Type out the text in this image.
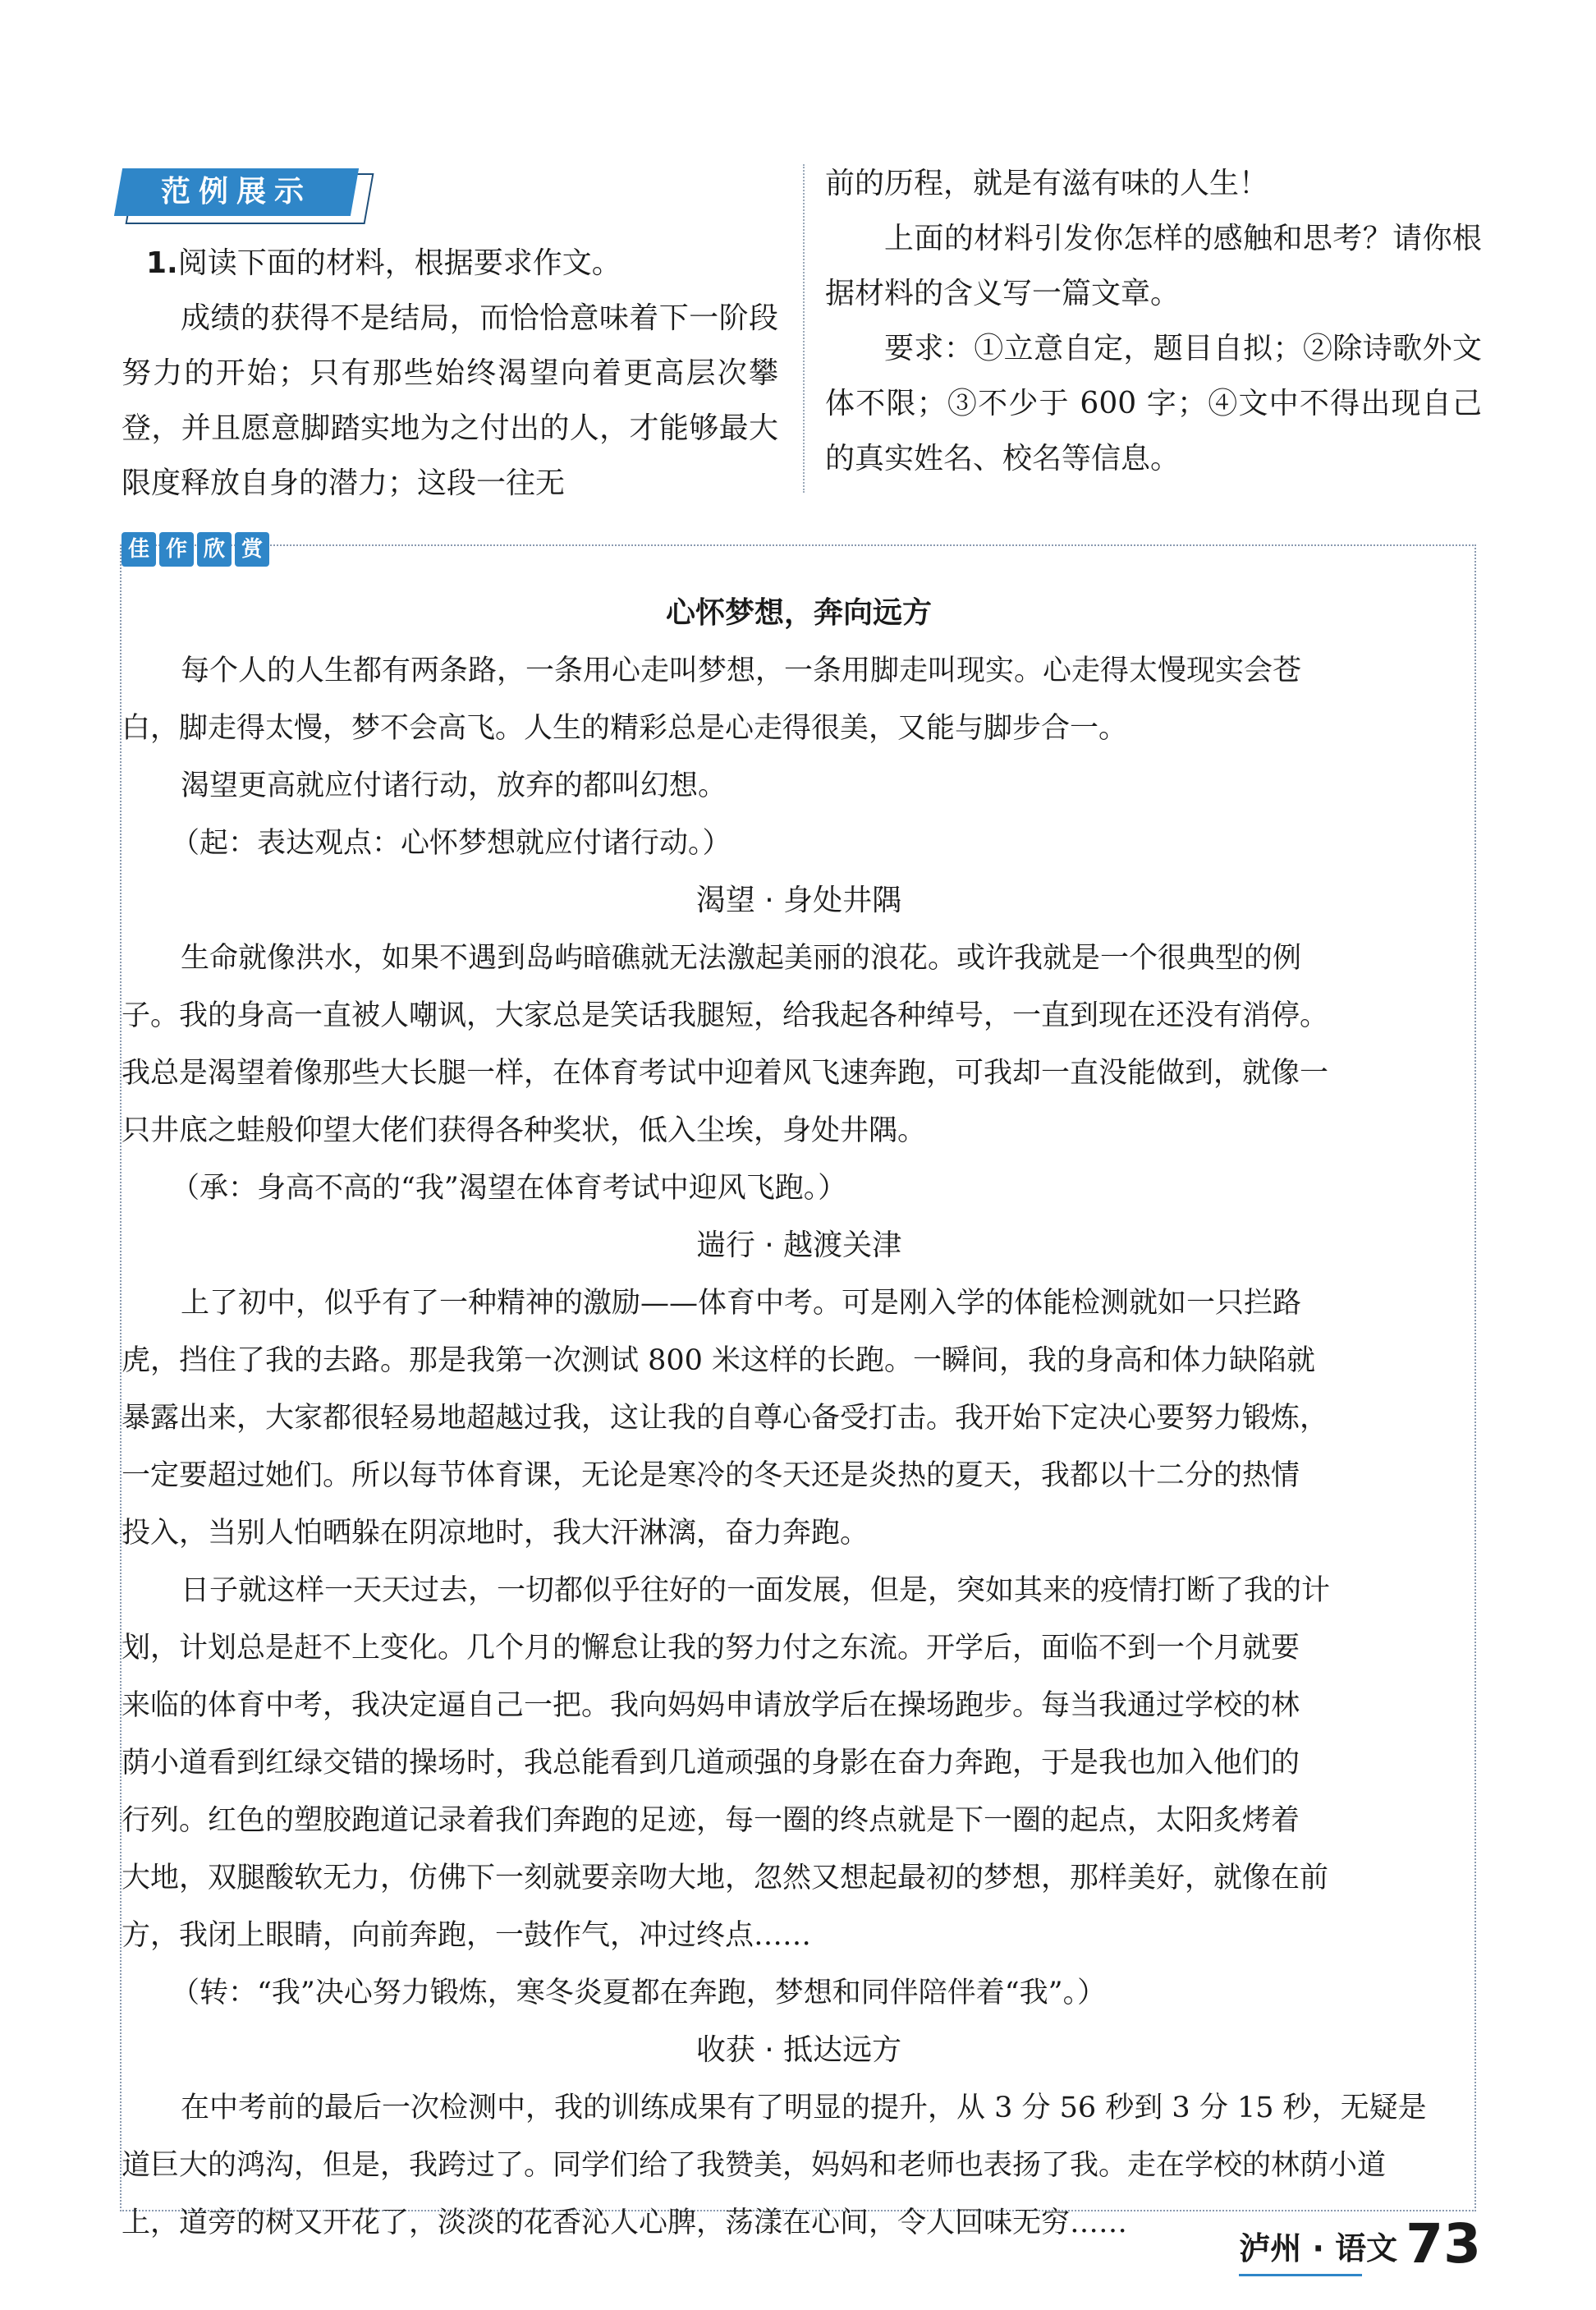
范例展示

1.阅读下面的材料，根据要求作文。

成绩的获得不是结局，而恰恰意味着下一阶段努力的开始；只有那些始终渴望向着更高层次攀登，并且愿意脚踏实地为之付出的人，才能够最大限度释放自身的潜力；这段一往无

前的历程，就是有滋有味的人生！

上面的材料引发你怎样的感触和思考？请你根据材料的含义写一篇文章。

要求：①立意自定，题目自拟；②除诗歌外文体不限；③不少于 600 字；④文中不得出现自己的真实姓名、校名等信息。

佳 作 欣 赏

心怀梦想，奔向远方

每个人的人生都有两条路，一条用心走叫梦想，一条用脚走叫现实。心走得太慢现实会苍

白，脚走得太慢，梦不会高飞。人生的精彩总是心走得很美，又能与脚步合一。

渴望更高就应付诸行动，放弃的都叫幻想。

（起：表达观点：心怀梦想就应付诸行动。）

渴望 · 身处井隅

生命就像洪水，如果不遇到岛屿暗礁就无法激起美丽的浪花。或许我就是一个很典型的例

子。我的身高一直被人嘲讽，大家总是笑话我腿短，给我起各种绰号，一直到现在还没有消停。

我总是渴望着像那些大长腿一样，在体育考试中迎着风飞速奔跑，可我却一直没能做到，就像一

只井底之蛙般仰望大佬们获得各种奖状，低入尘埃，身处井隅。

（承：身高不高的“我”渴望在体育考试中迎风飞跑。）

遄行 · 越渡关津

上了初中，似乎有了一种精神的激励——体育中考。可是刚入学的体能检测就如一只拦路

虎，挡住了我的去路。那是我第一次测试 800 米这样的长跑。一瞬间，我的身高和体力缺陷就

暴露出来，大家都很轻易地超越过我，这让我的自尊心备受打击。我开始下定决心要努力锻炼，

一定要超过她们。所以每节体育课，无论是寒冷的冬天还是炎热的夏天，我都以十二分的热情

投入，当别人怕晒躲在阴凉地时，我大汗淋漓，奋力奔跑。

日子就这样一天天过去，一切都似乎往好的一面发展，但是，突如其来的疫情打断了我的计

划，计划总是赶不上变化。几个月的懈怠让我的努力付之东流。开学后，面临不到一个月就要

来临的体育中考，我决定逼自己一把。我向妈妈申请放学后在操场跑步。每当我通过学校的林

荫小道看到红绿交错的操场时，我总能看到几道顽强的身影在奋力奔跑，于是我也加入他们的

行列。红色的塑胶跑道记录着我们奔跑的足迹，每一圈的终点就是下一圈的起点，太阳炙烤着

大地，双腿酸软无力，仿佛下一刻就要亲吻大地，忽然又想起最初的梦想，那样美好，就像在前

方，我闭上眼睛，向前奔跑，一鼓作气，冲过终点……

（转：“我”决心努力锻炼，寒冬炎夏都在奔跑，梦想和同伴陪伴着“我”。）

收获 · 抵达远方

在中考前的最后一次检测中，我的训练成果有了明显的提升，从 3 分 56 秒到 3 分 15 秒，无疑是

道巨大的鸿沟，但是，我跨过了。同学们给了我赞美，妈妈和老师也表扬了我。走在学校的林荫小道

上，道旁的树又开花了，淡淡的花香沁人心脾，荡漾在心间，令人回味无穷……

泸州 · 语文 73
